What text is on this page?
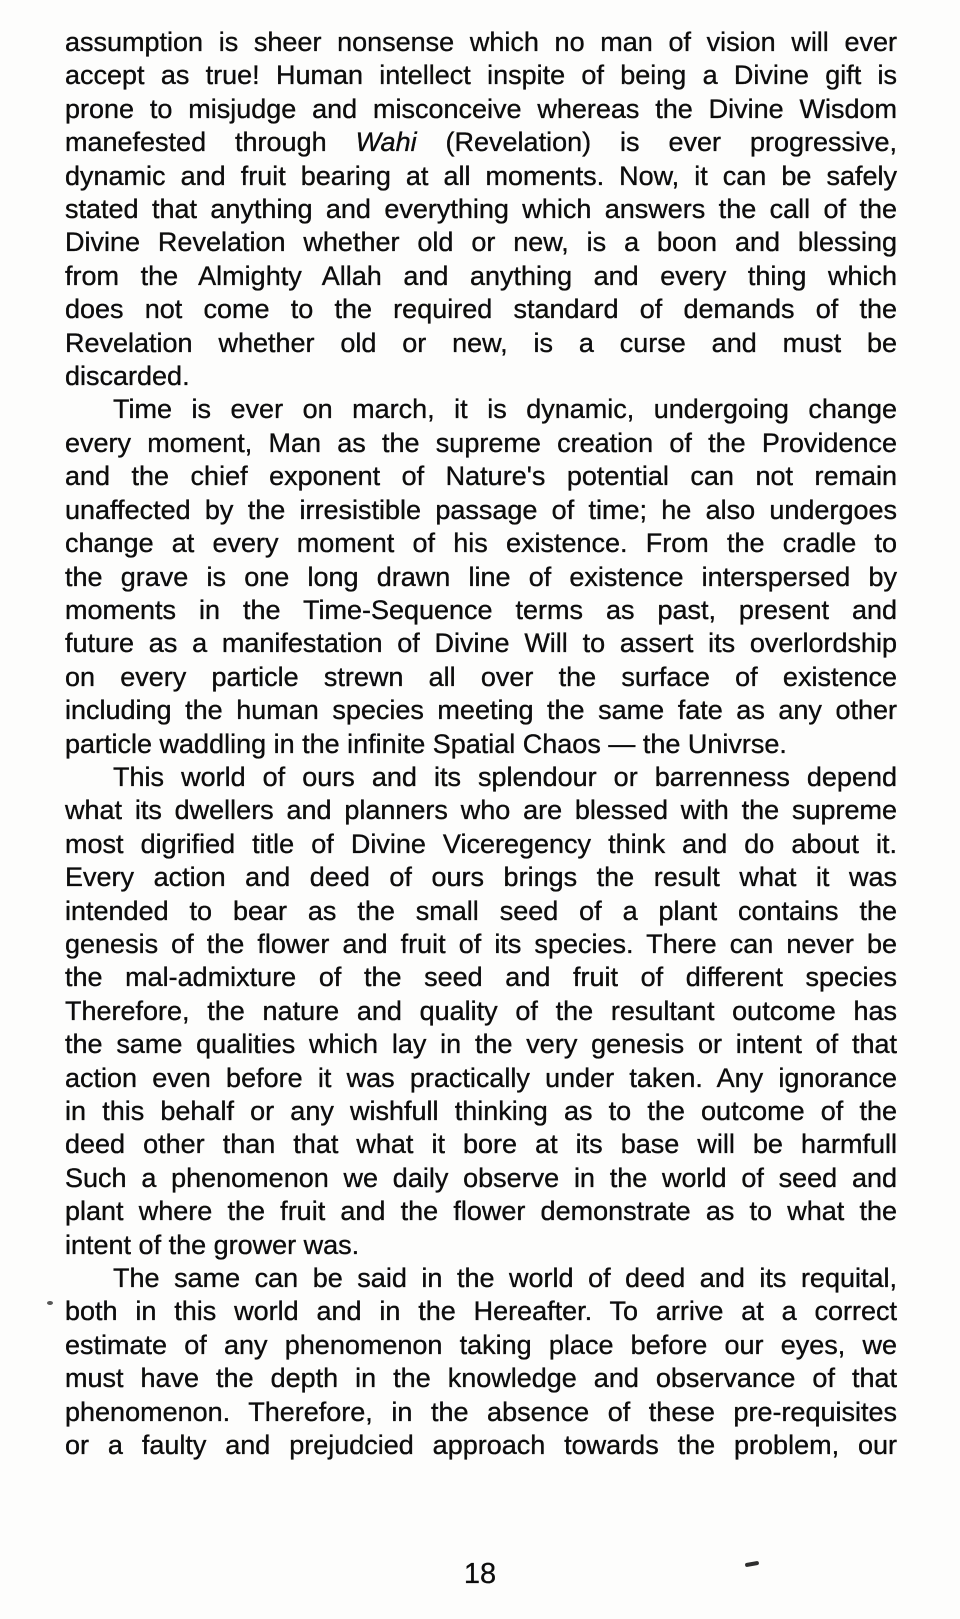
assumption is sheer nonsense which no man of vision will ever
accept as true! Human intellect inspite of being a Divine gift is
prone to misjudge and misconceive whereas the Divine Wisdom
manefested through Wahi (Revelation) is ever progressive,
dynamic and fruit bearing at all moments. Now, it can be safely
stated that anything and everything which answers the call of the
Divine Revelation whether old or new, is a boon and blessing
from the Almighty Allah and anything and every thing which
does not come to the required standard of demands of the
Revelation whether old or new, is a curse and must be
discarded.
Time is ever on march, it is dynamic, undergoing change
every moment, Man as the supreme creation of the Providence
and the chief exponent of Nature's potential can not remain
unaffected by the irresistible passage of time; he also undergoes
change at every moment of his existence. From the cradle to
the grave is one long drawn line of existence interspersed by
moments in the Time-Sequence terms as past, present and
future as a manifestation of Divine Will to assert its overlordship
on every particle strewn all over the surface of existence
including the human species meeting the same fate as any other
particle waddling in the infinite Spatial Chaos — the Univrse.
This world of ours and its splendour or barrenness depend
what its dwellers and planners who are blessed with the supreme
most digrified title of Divine Viceregency think and do about it.
Every action and deed of ours brings the result what it was
intended to bear as the small seed of a plant contains the
genesis of the flower and fruit of its species. There can never be
the mal-admixture of the seed and fruit of different species
Therefore, the nature and quality of the resultant outcome has
the same qualities which lay in the very genesis or intent of that
action even before it was practically under taken. Any ignorance
in this behalf or any wishfull thinking as to the outcome of the
deed other than that what it bore at its base will be harmfull
Such a phenomenon we daily observe in the world of seed and
plant where the fruit and the flower demonstrate as to what the
intent of the grower was.
The same can be said in the world of deed and its requital,
both in this world and in the Hereafter. To arrive at a correct
estimate of any phenomenon taking place before our eyes, we
must have the depth in the knowledge and observance of that
phenomenon. Therefore, in the absence of these pre-requisites
or a faulty and prejudcied approach towards the problem, our
18
